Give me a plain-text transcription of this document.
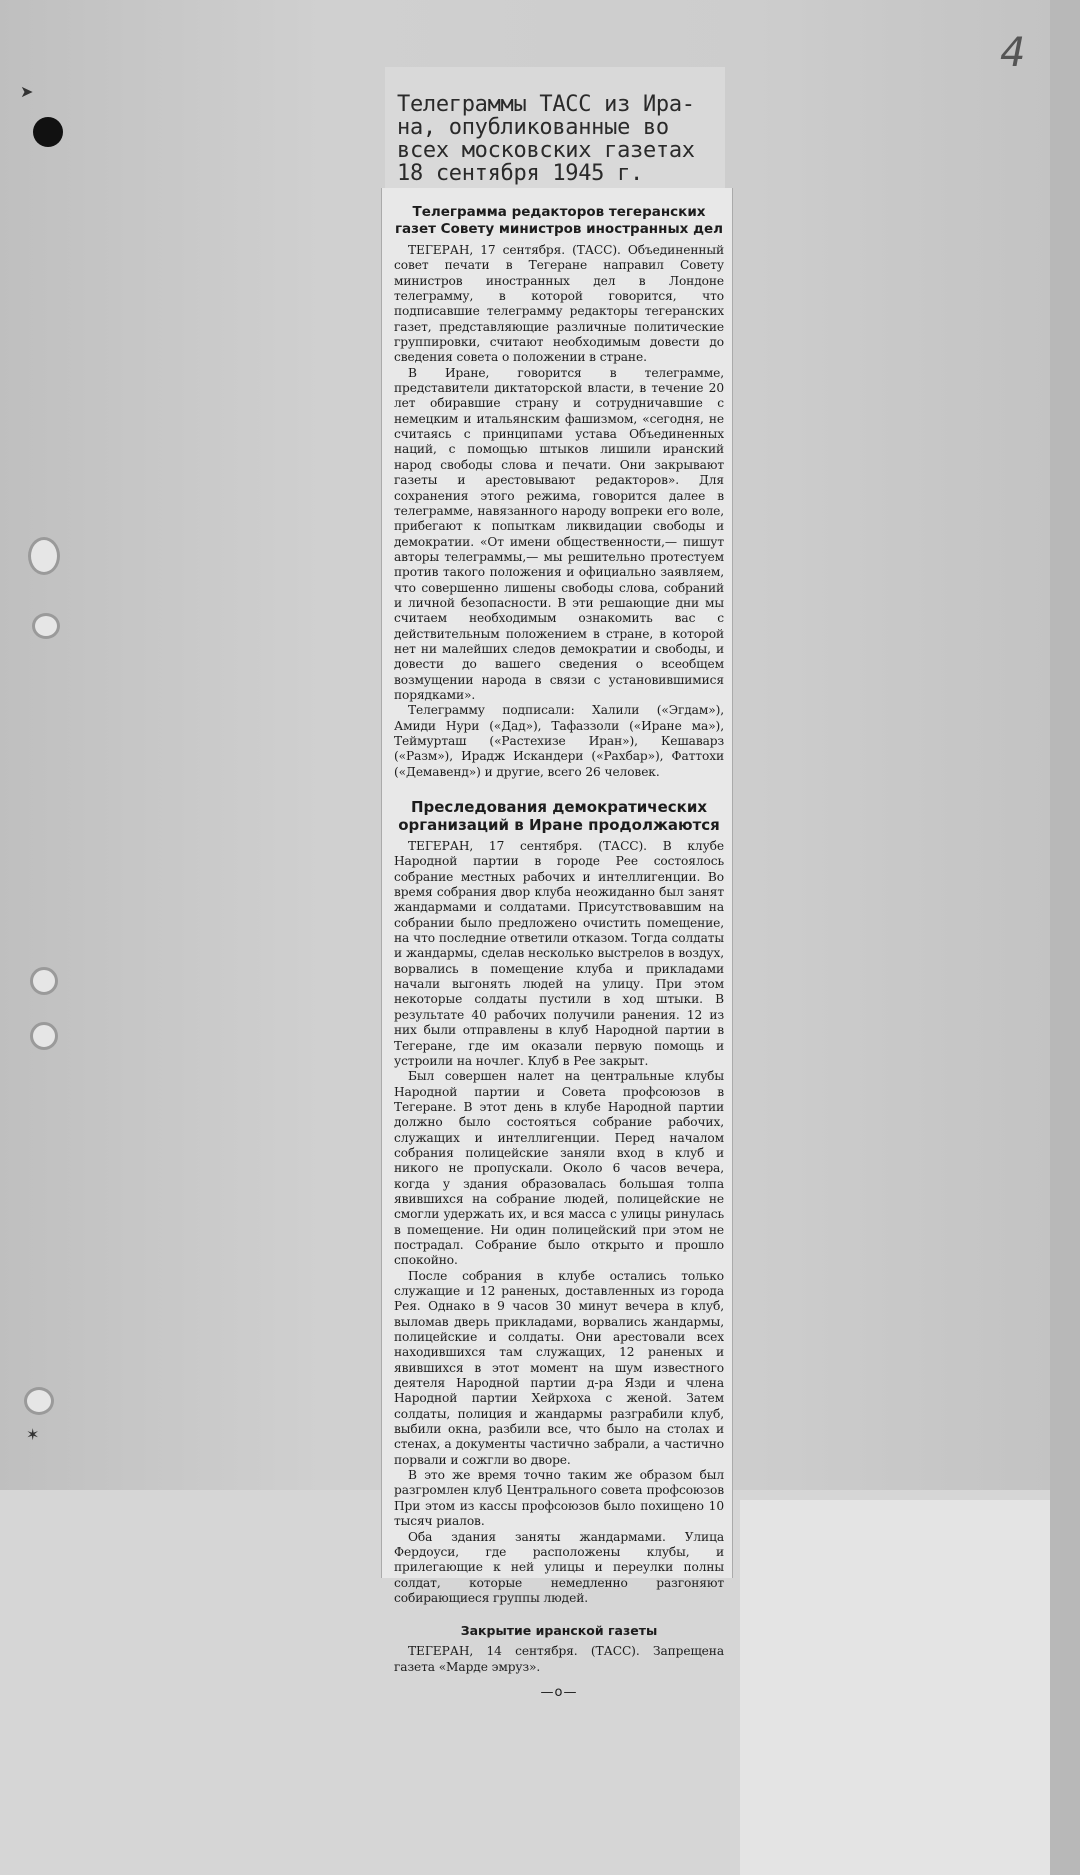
4
➤
✶
Телеграммы ТАСС из Ира-
на, опубликованные во
всех московских газетах
18 сентября 1945 г.
Телеграмма редакторов тегеранских газет Совету министров иностранных дел

ТЕГЕРАН, 17 сентября. (ТАСС). Объединенный совет печати в Тегеране направил Совету министров иностранных дел в Лондоне телеграмму, в которой говорится, что подписавшие телеграмму редакторы тегеранских газет, представляющие различные политические группировки, считают необходимым довести до сведения совета о положении в стране.

В Иране, говорится в телеграмме, представители диктаторской власти, в течение 20 лет обиравшие страну и сотрудничавшие с немецким и итальянским фашизмом, «сегодня, не считаясь с принципами устава Объединенных наций, с помощью штыков лишили иранский народ свободы слова и печати. Они закрывают газеты и арестовывают редакторов». Для сохранения этого режима, говорится далее в телеграмме, навязанного народу вопреки его воле, прибегают к попыткам ликвидации свободы и демократии. «От имени общественности,— пишут авторы телеграммы,— мы решительно протестуем против такого положения и официально заявляем, что совершенно лишены свободы слова, собраний и личной безопасности. В эти решающие дни мы считаем необходимым ознакомить вас с действительным положением в стране, в которой нет ни малейших следов демократии и свободы, и довести до вашего сведения о всеобщем возмущении народа в связи с установившимися порядками».

Телеграмму подписали: Халили («Эгдам»), Амиди Нури («Дад»), Тафаззоли («Иране ма»), Теймурташ («Растехизе Иран»), Кешаварз («Разм»), Ирадж Искандери («Рахбар»), Фаттохи («Демавенд») и другие, всего 26 человек.

Преследования демократических организаций в Иране продолжаются

ТЕГЕРАН, 17 сентября. (ТАСС). В клубе Народной партии в городе Рее состоялось собрание местных рабочих и интеллигенции. Во время собрания двор клуба неожиданно был занят жандармами и солдатами. Присутствовавшим на собрании было предложено очистить помещение, на что последние ответили отказом. Тогда солдаты и жандармы, сделав несколько выстрелов в воздух, ворвались в помещение клуба и прикладами начали выгонять людей на улицу. При этом некоторые солдаты пустили в ход штыки. В результате 40 рабочих получили ранения. 12 из них были отправлены в клуб Народной партии в Тегеране, где им оказали первую помощь и устроили на ночлег. Клуб в Рее закрыт.

Был совершен налет на центральные клубы Народной партии и Совета профсоюзов в Тегеране. В этот день в клубе Народной партии должно было состояться собрание рабочих, служащих и интеллигенции. Перед началом собрания полицейские заняли вход в клуб и никого не пропускали. Около 6 часов вечера, когда у здания образовалась большая толпа явившихся на собрание людей, полицейские не смогли удержать их, и вся масса с улицы ринулась в помещение. Ни один полицейский при этом не пострадал. Собрание было открыто и прошло спокойно.

После собрания в клубе остались только служащие и 12 раненых, доставленных из города Рея. Однако в 9 часов 30 минут вечера в клуб, выломав дверь прикладами, ворвались жандармы, полицейские и солдаты. Они арестовали всех находившихся там служащих, 12 раненых и явившихся в этот момент на шум известного деятеля Народной партии д-ра Язди и члена Народной партии Хейрхоха с женой. Затем солдаты, полиция и жандармы разграбили клуб, выбили окна, разбили все, что было на столах и стенах, а документы частично забрали, а частично порвали и сожгли во дворе.

В это же время точно таким же образом был разгромлен клуб Центрального совета профсоюзов При этом из кассы профсоюзов было похищено 10 тысяч риалов.

Оба здания заняты жандармами. Улица Фердоуси, где расположены клубы, и прилегающие к ней улицы и переулки полны солдат, которые немедленно разгоняют собирающиеся группы людей.

Закрытие иранской газеты

ТЕГЕРАН, 14 сентября. (ТАСС). Запрещена газета «Марде эмруз».

—o—
